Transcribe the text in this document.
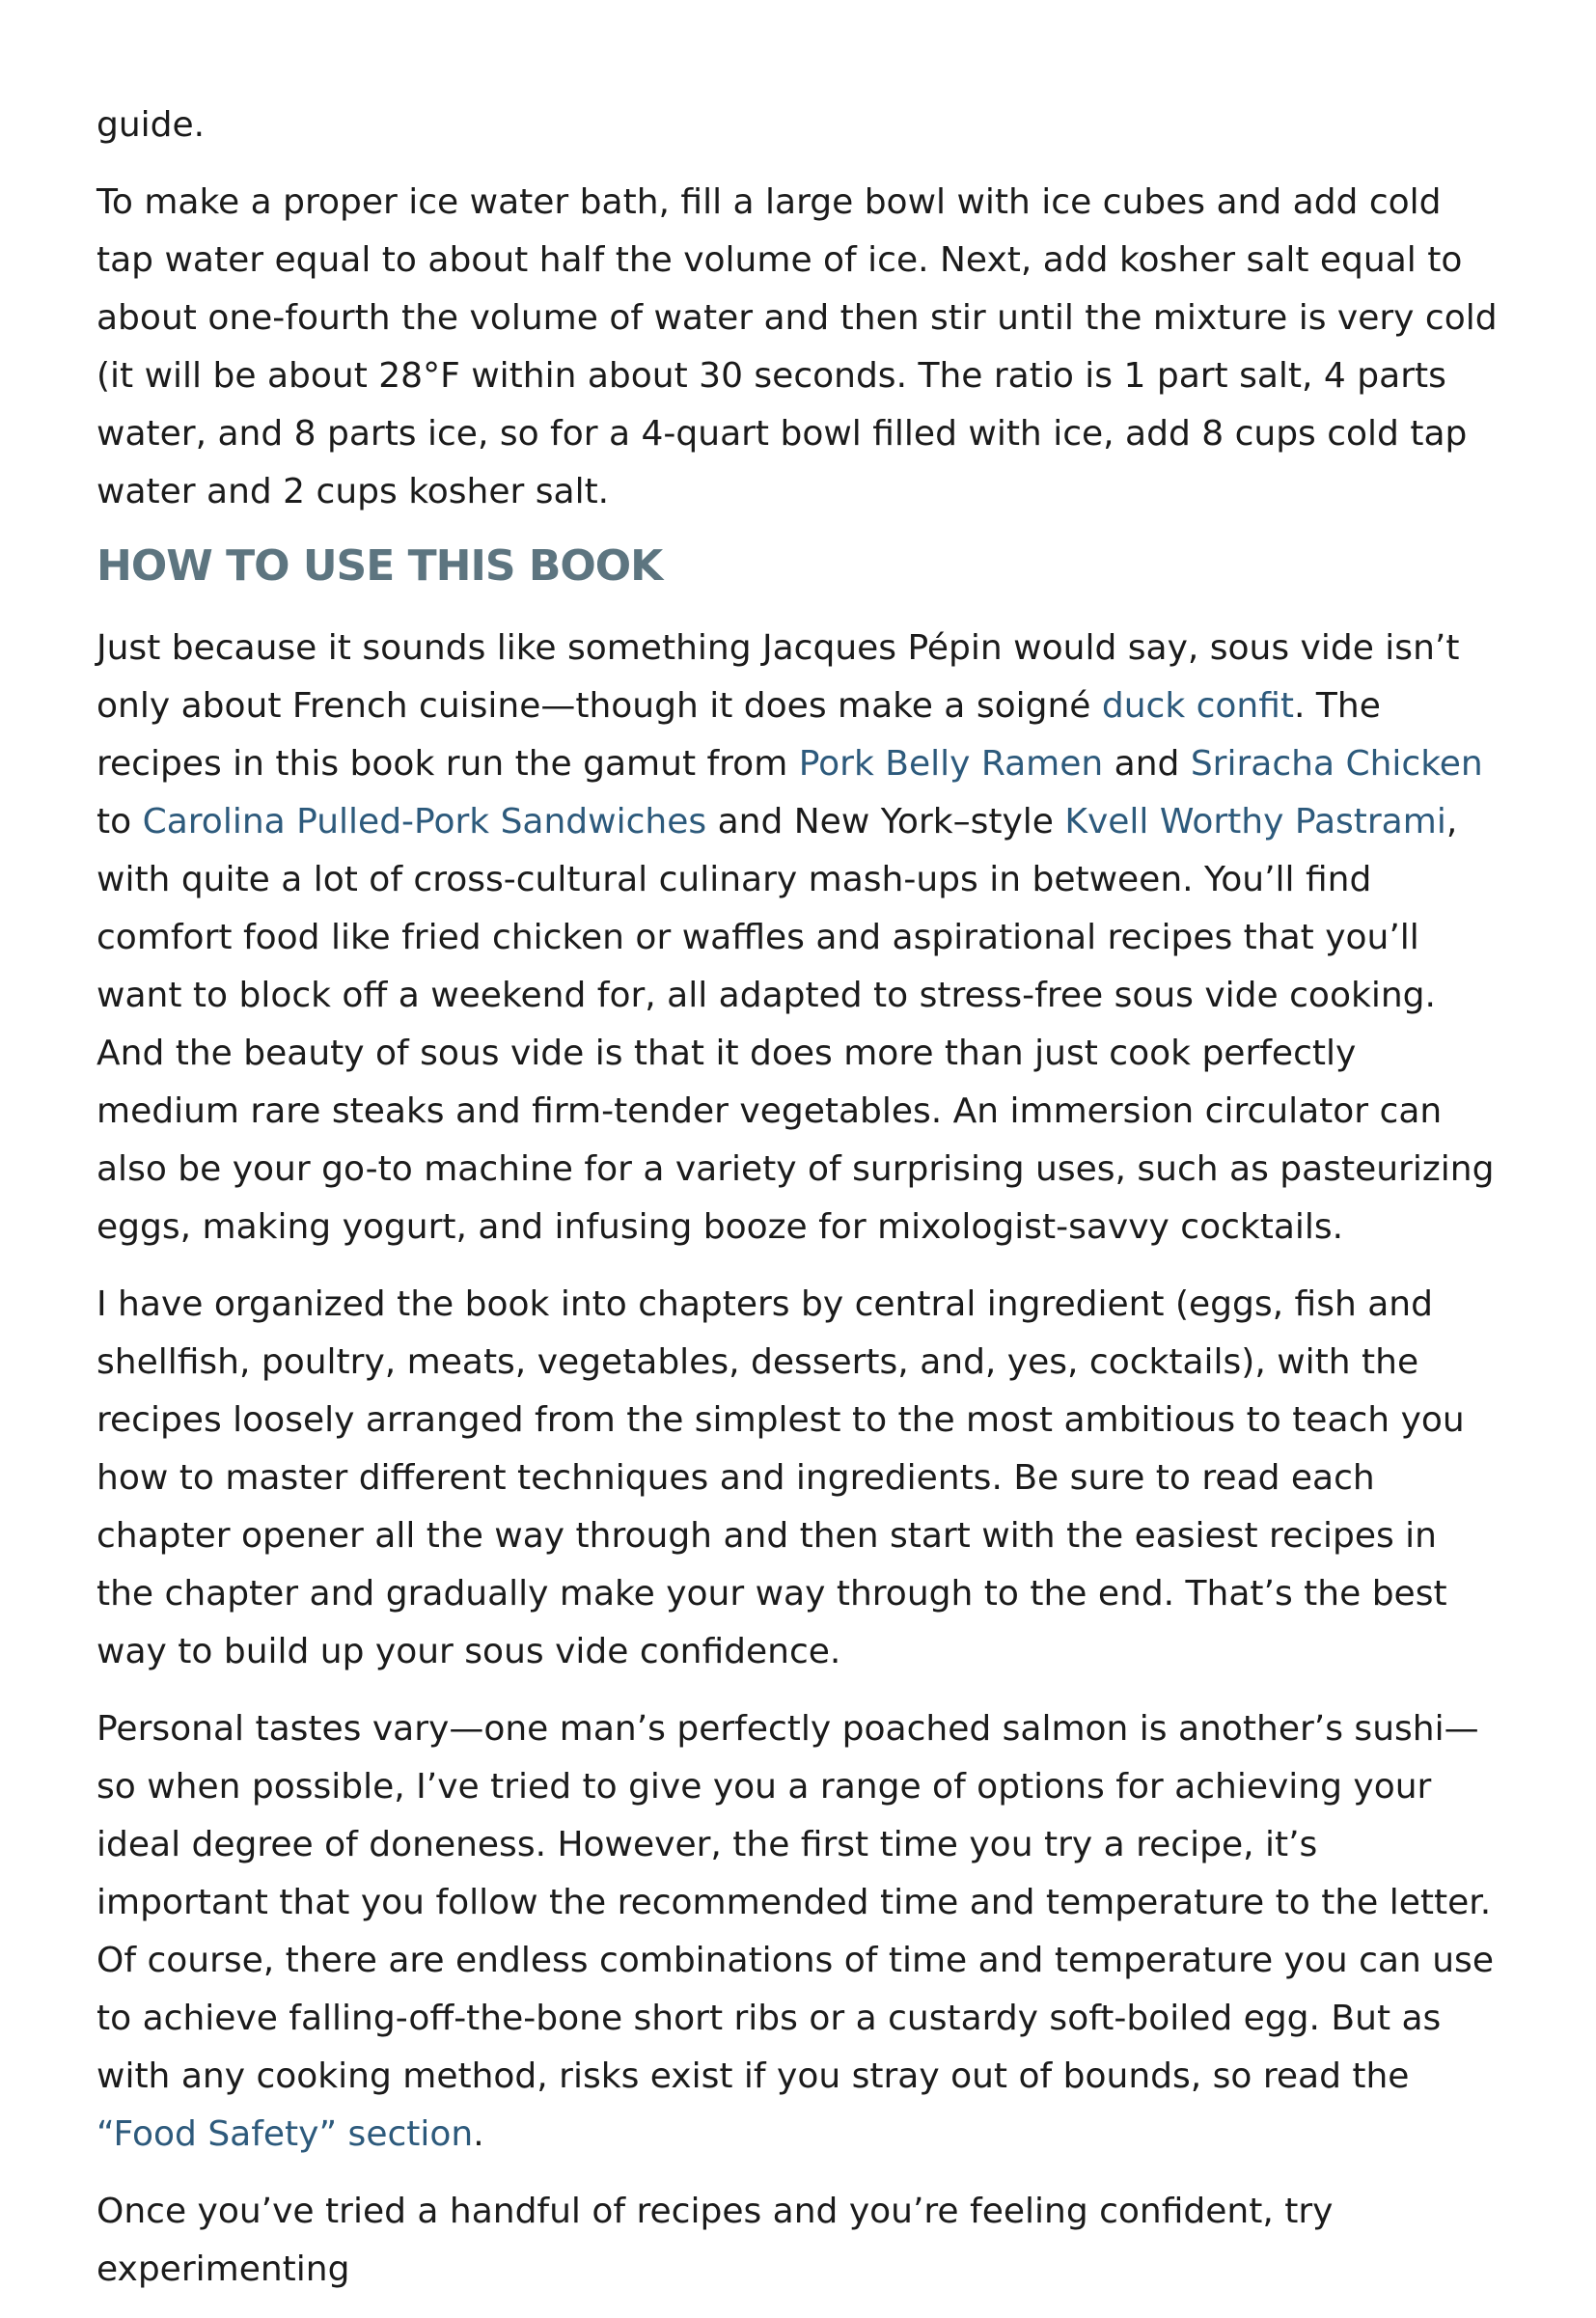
guide.

To make a proper ice water bath, fill a large bowl with ice cubes and add cold tap water equal to about half the volume of ice. Next, add kosher salt equal to about one-fourth the volume of water and then stir until the mixture is very cold (it will be about 28°F within about 30 seconds. The ratio is 1 part salt, 4 parts water, and 8 parts ice, so for a 4-quart bowl filled with ice, add 8 cups cold tap water and 2 cups kosher salt.

HOW TO USE THIS BOOK

Just because it sounds like something Jacques Pépin would say, sous vide isn’t only about French cuisine—though it does make a soigné duck confit. The recipes in this book run the gamut from Pork Belly Ramen and Sriracha Chicken to Carolina Pulled-Pork Sandwiches and New York–style Kvell Worthy Pastrami, with quite a lot of cross-cultural culinary mash-ups in between. You’ll find comfort food like fried chicken or waffles and aspirational recipes that you’ll want to block off a weekend for, all adapted to stress-free sous vide cooking. And the beauty of sous vide is that it does more than just cook perfectly medium rare steaks and firm-tender vegetables. An immersion circulator can also be your go-to machine for a variety of surprising uses, such as pasteurizing eggs, making yogurt, and infusing booze for mixologist-savvy cocktails.

I have organized the book into chapters by central ingredient (eggs, fish and shellfish, poultry, meats, vegetables, desserts, and, yes, cocktails), with the recipes loosely arranged from the simplest to the most ambitious to teach you how to master different techniques and ingredients. Be sure to read each chapter opener all the way through and then start with the easiest recipes in the chapter and gradually make your way through to the end. That’s the best way to build up your sous vide confidence.

Personal tastes vary—one man’s perfectly poached salmon is another’s sushi—so when possible, I’ve tried to give you a range of options for achieving your ideal degree of doneness. However, the first time you try a recipe, it’s important that you follow the recommended time and temperature to the letter. Of course, there are endless combinations of time and temperature you can use to achieve falling-off-the-bone short ribs or a custardy soft-boiled egg. But as with any cooking method, risks exist if you stray out of bounds, so read the “Food Safety” section.

Once you’ve tried a handful of recipes and you’re feeling confident, try experimenting
